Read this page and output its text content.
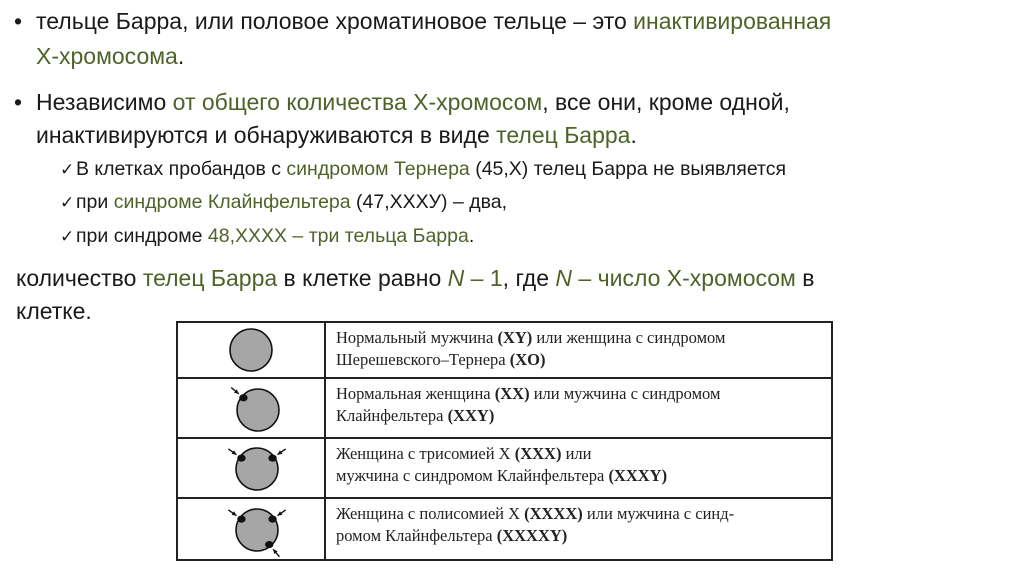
• тельце Барра, или половое хроматиновое тельце – это инактивированная
Х-хромосома.
• Независимо от общего количества Х-хромосом, все они, кроме одной,
инактивируются и обнаруживаются в виде телец Барра.
✓В клетках пробандов с синдромом Тернера (45,Х) телец Барра не выявляется
✓при синдроме Клайнфельтера (47,ХХХУ) – два,
✓при синдроме 48,ХХХХ – три тельца Барра.
количество телец Барра в клетке равно N – 1, где N – число Х-хромосом в
клетке.
Нормальный мужчина (XY) или женщина с синдромом
Шерешевского–Тернера (XO)
Нормальная женщина (XX) или мужчина с синдромом
Клайнфельтера (XXY)
Женщина с трисомией X (XXX) или
мужчина с синдромом Клайнфельтера (XXXY)
Женщина с полисомией X (XXXX) или мужчина с синд-
ромом Клайнфельтера (XXXXY)
